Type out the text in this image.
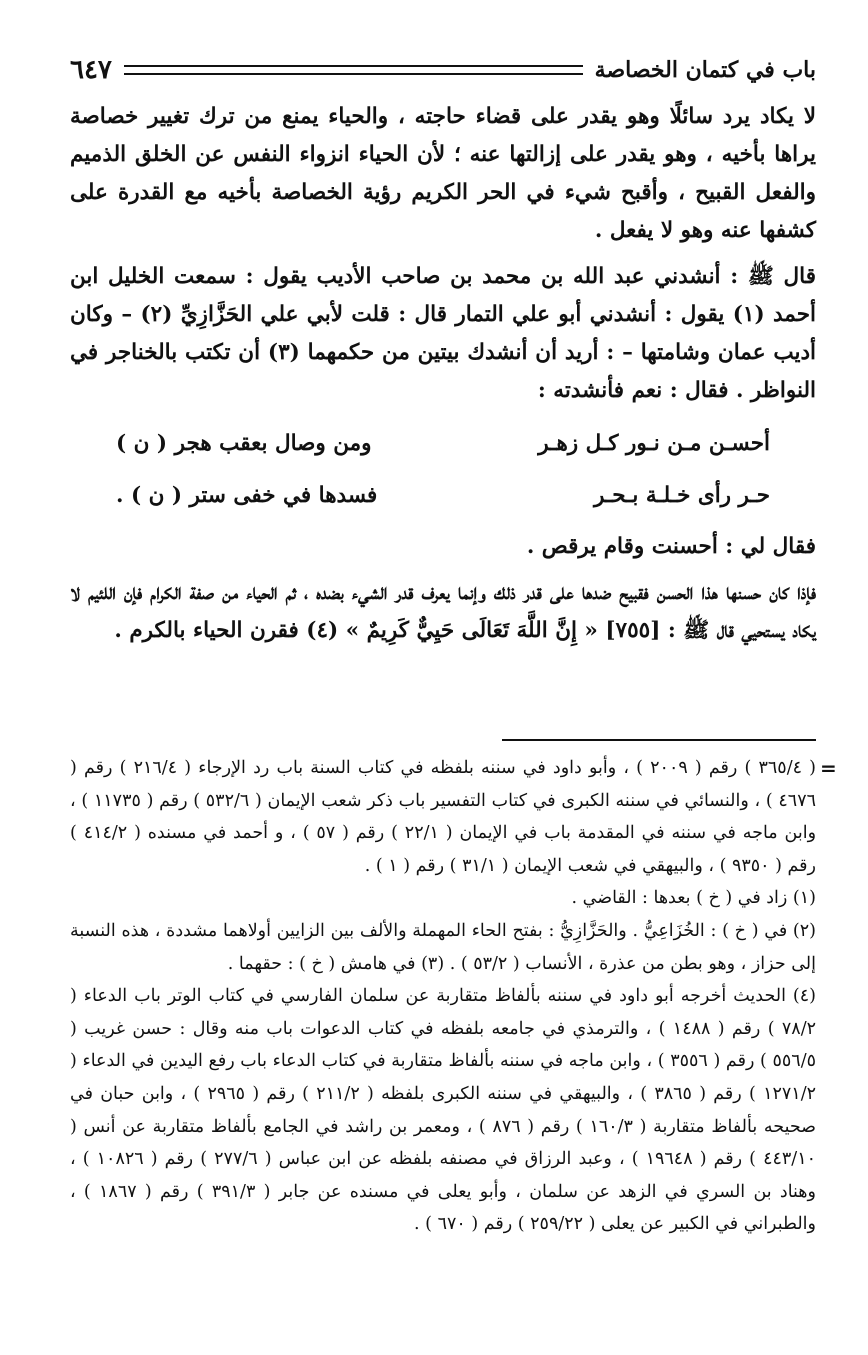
باب في كتمان الخصاصة
٦٤٧

لا يكاد يرد سائلًا وهو يقدر على قضاء حاجته ، والحياء يمنع من ترك تغيير خصاصة يراها بأخيه ، وهو يقدر على إزالتها عنه ؛ لأن الحياء انزواء النفس عن الخلق الذميم والفعل القبيح ، وأقبح شيء في الحر الكريم رؤية الخصاصة بأخيه مع القدرة على كشفها عنه وهو لا يفعل .

قال ﷺ : أنشدني عبد الله بن محمد بن صاحب الأديب يقول : سمعت الخليل ابن أحمد (١) يقول : أنشدني أبو علي التمار قال : قلت لأبي علي الحَزَّازِيِّ (٢) – وكان أديب عمان وشامتها – : أريد أن أنشدك بيتين من حكمهما (٣) أن تكتب بالخناجر في النواظر . فقال : نعم فأنشدته :

أحسـن مـن نـور كـل زهـر
ومن وصال بعقب هجر ( ن )
حـر رأى خـلـة بـحـر
فسدها في خفى ستر ( ن ) .

فقال لي : أحسنت وقام يرقص .

فإذا كان حسنها هذا الحسن فقبيح ضدها على قدر ذلك وإنما يعرف قدر الشيء بضده ، ثم الحياء من صفة الكرام فإن اللئيم لا يكاد يستحيي قال ﷺ : [٧٥٥] « إِنَّ اللَّهَ تَعَالَى حَيِيٌّ كَرِيمٌ » (٤) فقرن الحياء بالكرم .

=

( ٣٦٥/٤ ) رقم ( ٢٠٠٩ ) ، وأبو داود في سننه بلفظه في كتاب السنة باب رد الإرجاء ( ٢١٦/٤ ) رقم ( ٤٦٧٦ ) ، والنسائي في سننه الكبرى في كتاب التفسير باب ذكر شعب الإيمان ( ٥٣٢/٦ ) رقم ( ١١٧٣٥ ) ، وابن ماجه في سننه في المقدمة باب في الإيمان ( ٢٢/١ ) رقم ( ٥٧ ) ، و أحمد في مسنده ( ٤١٤/٢ ) رقم ( ٩٣٥٠ ) ، والبيهقي في شعب الإيمان ( ٣١/١ ) رقم ( ١ ) .

(١) زاد في ( خ ) بعدها : القاضي .

(٢) في ( خ ) : الخُزَاعِيُّ . والحَزَّازِيُّ : بفتح الحاء المهملة والألف بين الزايين أولاهما مشددة ، هذه النسبة إلى حزاز ، وهو بطن من عذرة ، الأنساب ( ٥٣/٢ ) . (٣) في هامش ( خ ) : حقهما .

(٤) الحديث أخرجه أبو داود في سننه بألفاظ متقاربة عن سلمان الفارسي في كتاب الوتر باب الدعاء ( ٧٨/٢ ) رقم ( ١٤٨٨ ) ، والترمذي في جامعه بلفظه في كتاب الدعوات باب منه وقال : حسن غريب ( ٥٥٦/٥ ) رقم ( ٣٥٥٦ ) ، وابن ماجه في سننه بألفاظ متقاربة في كتاب الدعاء باب رفع اليدين في الدعاء ( ١٢٧١/٢ ) رقم ( ٣٨٦٥ ) ، والبيهقي في سننه الكبرى بلفظه ( ٢١١/٢ ) رقم ( ٢٩٦٥ ) ، وابن حبان في صحيحه بألفاظ متقاربة ( ١٦٠/٣ ) رقم ( ٨٧٦ ) ، ومعمر بن راشد في الجامع بألفاظ متقاربة عن أنس ( ٤٤٣/١٠ ) رقم ( ١٩٦٤٨ ) ، وعبد الرزاق في مصنفه بلفظه عن ابن عباس ( ٢٧٧/٦ ) رقم ( ١٠٨٢٦ ) ، وهناد بن السري في الزهد عن سلمان ، وأبو يعلى في مسنده عن جابر ( ٣٩١/٣ ) رقم ( ١٨٦٧ ) ، والطبراني في الكبير عن يعلى ( ٢٥٩/٢٢ ) رقم ( ٦٧٠ ) .
